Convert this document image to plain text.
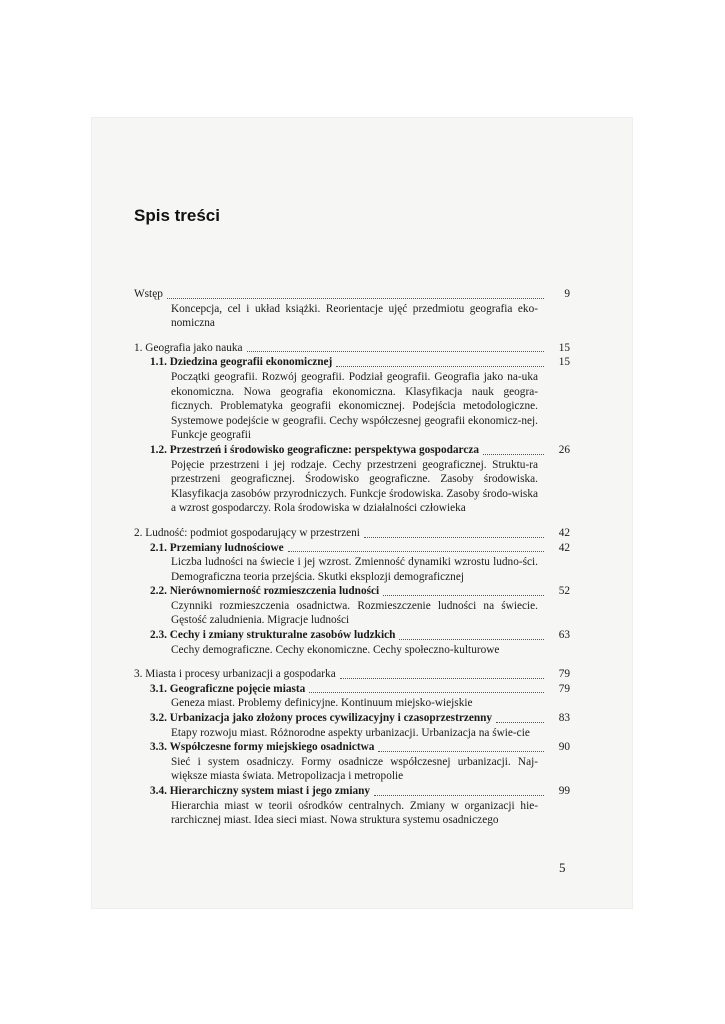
Spis treści
Wstęp	9
Koncepcja, cel i układ książki. Reorientacje ujęć przedmiotu geografia eko-nomiczna
1. Geografia jako nauka	15
1.1. Dziedzina geografii ekonomicznej	15
Początki geografii. Rozwój geografii. Podział geografii. Geografia jako na-uka ekonomiczna. Nowa geografia ekonomiczna. Klasyfikacja nauk geogra-ficznych. Problematyka geografii ekonomicznej. Podejścia metodologiczne. Systemowe podejście w geografii. Cechy współczesnej geografii ekonomicz-nej. Funkcje geografii
1.2. Przestrzeń i środowisko geograficzne: perspektywa gospodarcza	26
Pojęcie przestrzeni i jej rodzaje. Cechy przestrzeni geograficznej. Struktu-ra przestrzeni geograficznej. Środowisko geograficzne. Zasoby środowiska. Klasyfikacja zasobów przyrodniczych. Funkcje środowiska. Zasoby środo-wiska a wzrost gospodarczy. Rola środowiska w działalności człowieka
2. Ludność: podmiot gospodarujący w przestrzeni	42
2.1. Przemiany ludnościowe	42
Liczba ludności na świecie i jej wzrost. Zmienność dynamiki wzrostu ludno-ści. Demograficzna teoria przejścia. Skutki eksplozji demograficznej
2.2. Nierównomierność rozmieszczenia ludności	52
Czynniki rozmieszczenia osadnictwa. Rozmieszczenie ludności na świecie. Gęstość zaludnienia. Migracje ludności
2.3. Cechy i zmiany strukturalne zasobów ludzkich	63
Cechy demograficzne. Cechy ekonomiczne. Cechy społeczno-kulturowe
3. Miasta i procesy urbanizacji a gospodarka	79
3.1. Geograficzne pojęcie miasta	79
Geneza miast. Problemy definicyjne. Kontinuum miejsko-wiejskie
3.2. Urbanizacja jako złożony proces cywilizacyjny i czasoprzestrzenny	83
Etapy rozwoju miast. Różnorodne aspekty urbanizacji. Urbanizacja na świe-cie
3.3. Współczesne formy miejskiego osadnictwa	90
Sieć i system osadniczy. Formy osadnicze współczesnej urbanizacji. Naj-większe miasta świata. Metropolizacja i metropolie
3.4. Hierarchiczny system miast i jego zmiany	99
Hierarchia miast w teorii ośrodków centralnych. Zmiany w organizacji hie-rarchicznej miast. Idea sieci miast. Nowa struktura systemu osadniczego
5
